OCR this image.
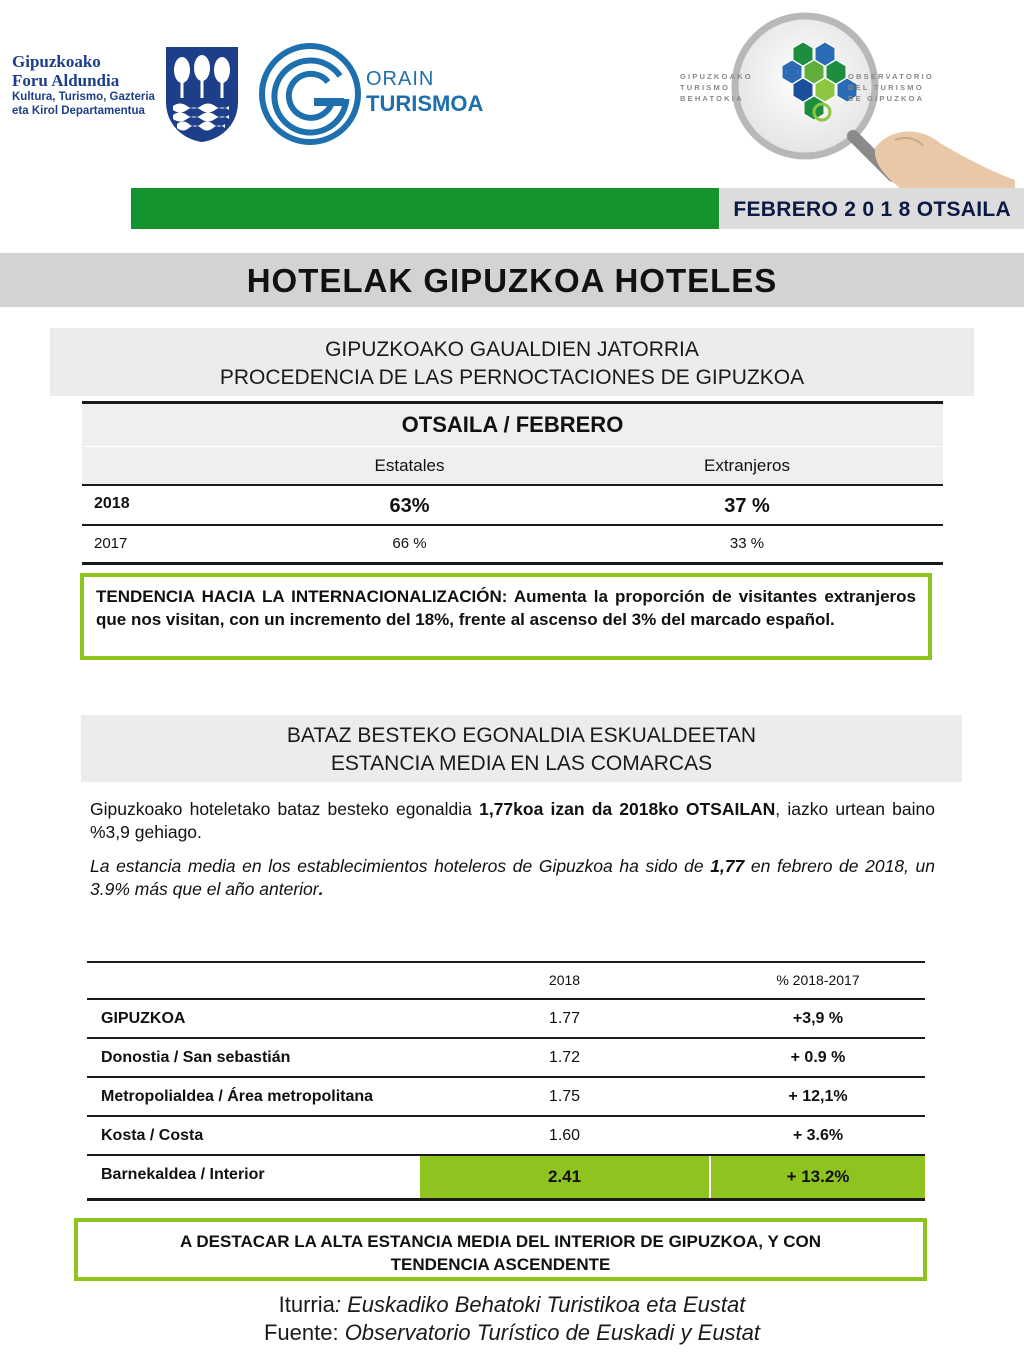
Gipuzkoako
Foru Aldundia
Kultura, Turismo, Gazteria
eta Kirol Departamentua
ORAIN
TURISMOA
GIPUZKOAKO
TURISMO
BEHATOKIA
OBSERVATORIO
DEL TURISMO
DE GIPUZKOA
FEBRERO 2 0 1 8 OTSAILA
HOTELAK GIPUZKOA HOTELES
GIPUZKOAKO GAUALDIEN JATORRIA
PROCEDENCIA DE LAS PERNOCTACIONES DE GIPUZKOA
OTSAILA / FEBRERO
Estatales	Extranjeros
2018	63%	37 %
2017	66 %	33 %

TENDENCIA HACIA LA INTERNACIONALIZACIÓN: Aumenta la proporción de visitantes extranjeros que nos visitan, con un incremento del 18%, frente al ascenso del 3% del marcado español.

BATAZ BESTEKO EGONALDIA ESKUALDEETAN
ESTANCIA MEDIA EN LAS COMARCAS
Gipuzkoako hoteletako bataz besteko egonaldia 1,77koa izan da 2018ko OTSAILAN, iazko urtean baino %3,9 gehiago.
La estancia media en los establecimientos hoteleros de Gipuzkoa ha sido de 1,77 en febrero de 2018, un 3.9% más que el año anterior.
2018	% 2018-2017
GIPUZKOA	1.77	+3,9 %
Donostia / San sebastián	1.72	+ 0.9 %
Metropolialdea / Área metropolitana	1.75	+ 12,1%
Kosta / Costa	1.60	+ 3.6%
Barnekaldea / Interior	2.41	+ 13.2%
A DESTACAR LA ALTA ESTANCIA MEDIA DEL INTERIOR DE GIPUZKOA, Y CON
TENDENCIA ASCENDENTE
Iturria: Euskadiko Behatoki Turistikoa eta Eustat
Fuente: Observatorio Turístico de Euskadi y Eustat
